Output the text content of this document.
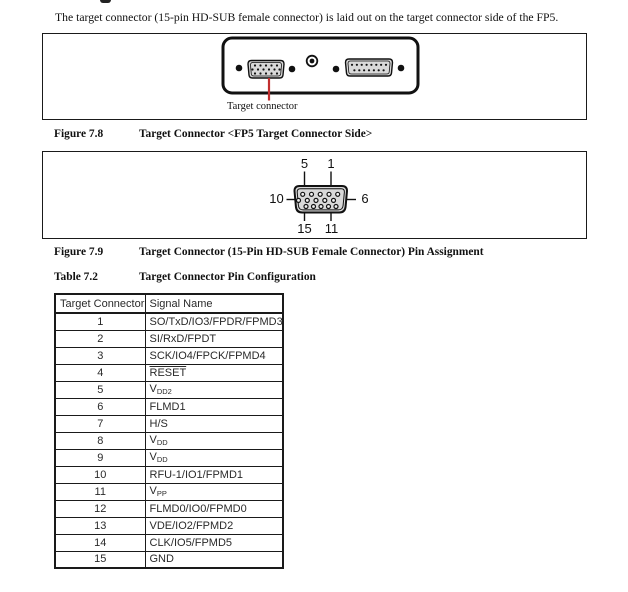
The target connector (15-pin HD-SUB female connector) is laid out on the target connector side of the FP5.

Target connector

Figure 7.8	Target Connector <FP5 Target Connector Side>

5 1
10	6
15 11

Figure 7.9	Target Connector (15-Pin HD-SUB Female Connector) Pin Assignment

Table 7.2	Target Connector Pin Configuration

Target Connector	Signal Name
1	SO/TxD/IO3/FPDR/FPMD3
2	SI/RxD/FPDT
3	SCK/IO4/FPCK/FPMD4
4	RESET
5	VDD2
6	FLMD1
7	H/S
8	VDD
9	VDD
10	RFU-1/IO1/FPMD1
11	VPP
12	FLMD0/IO0/FPMD0
13	VDE/IO2/FPMD2
14	CLK/IO5/FPMD5
15	GND
